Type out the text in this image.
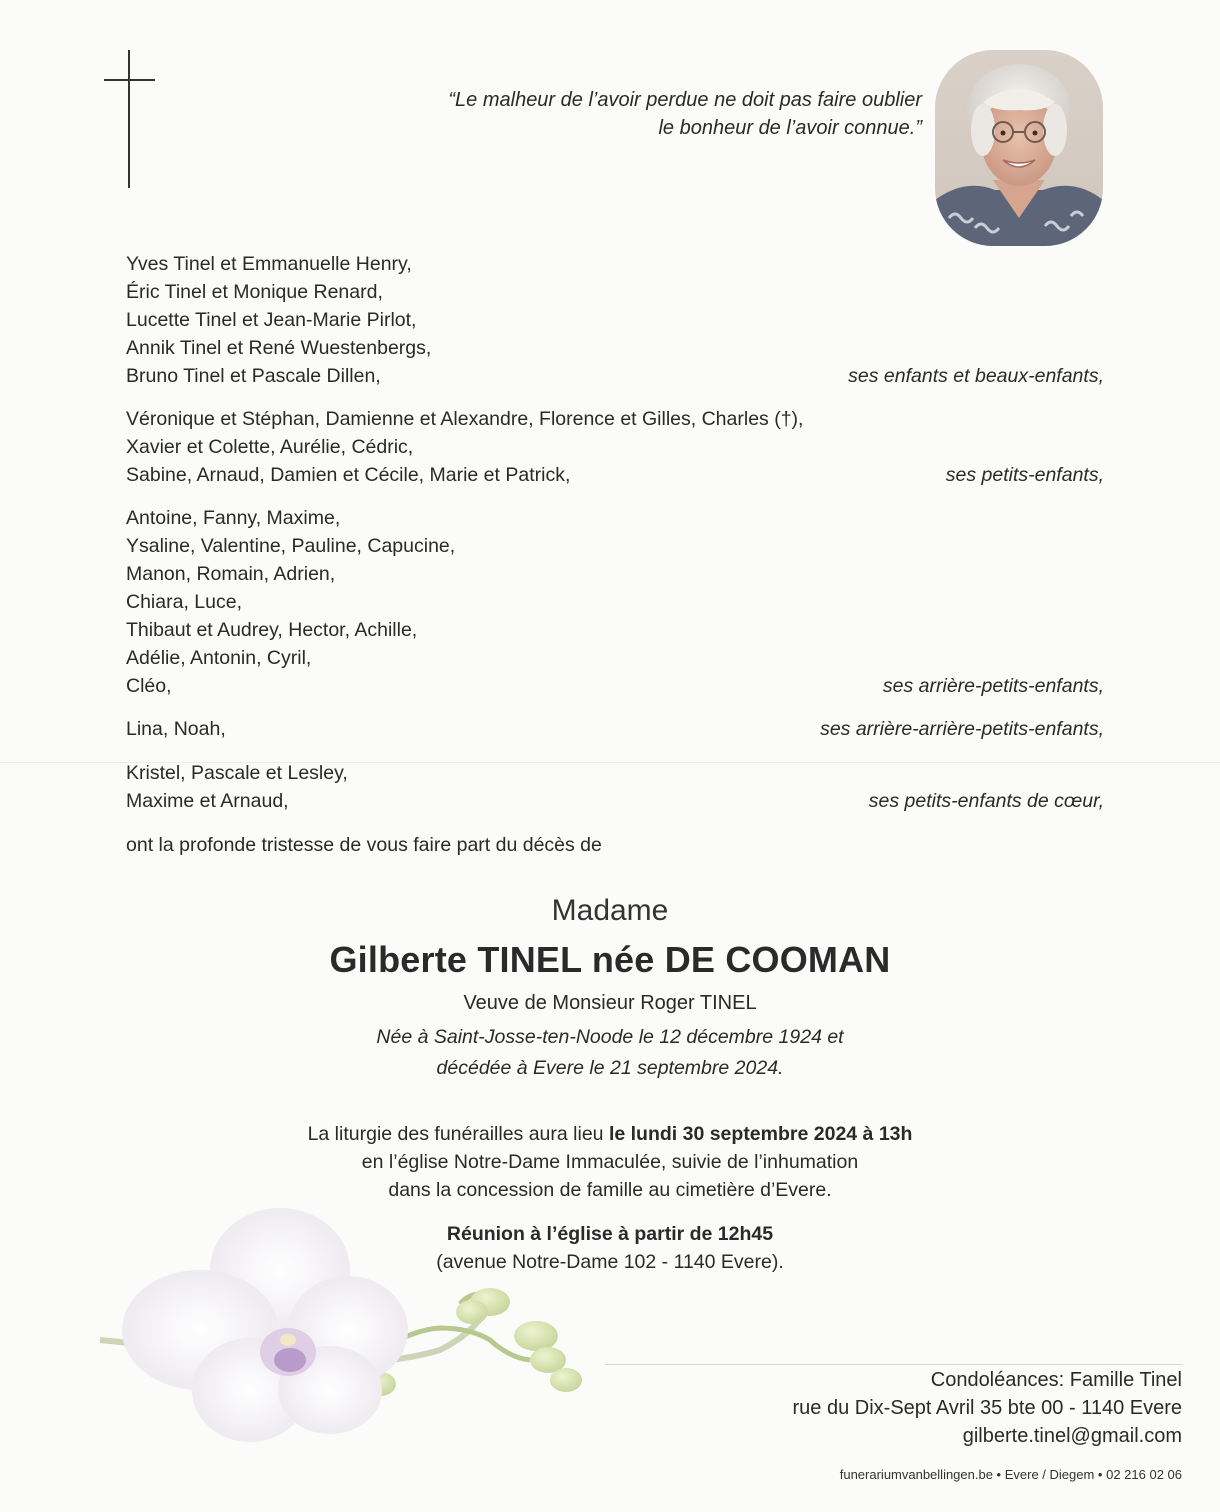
“Le malheur de l’avoir perdue ne doit pas faire oublier
le bonheur de l’avoir connue.”
Yves Tinel et Emmanuelle Henry,
Éric Tinel et Monique Renard,
Lucette Tinel et Jean-Marie Pirlot,
Annik Tinel et René Wuestenbergs,
Bruno Tinel et Pascale Dillen,	ses enfants et beaux-enfants,
Véronique et Stéphan, Damienne et Alexandre, Florence et Gilles, Charles (†),
Xavier et Colette, Aurélie, Cédric,
Sabine, Arnaud, Damien et Cécile, Marie et Patrick,	ses petits-enfants,
Antoine, Fanny, Maxime,
Ysaline, Valentine, Pauline, Capucine,
Manon, Romain, Adrien,
Chiara, Luce,
Thibaut et Audrey, Hector, Achille,
Adélie, Antonin, Cyril,
Cléo,	ses arrière-petits-enfants,
Lina, Noah,	ses arrière-arrière-petits-enfants,
Kristel, Pascale et Lesley,
Maxime et Arnaud,	ses petits-enfants de cœur,
ont la profonde tristesse de vous faire part du décès de
Madame
Gilberte TINEL née DE COOMAN
Veuve de Monsieur Roger TINEL
Née à Saint-Josse-ten-Noode le 12 décembre 1924 et
décédée à Evere le 21 septembre 2024.
La liturgie des funérailles aura lieu le lundi 30 septembre 2024 à 13h
en l’église Notre-Dame Immaculée, suivie de l’inhumation
dans la concession de famille au cimetière d’Evere.
Réunion à l’église à partir de 12h45
(avenue Notre-Dame 102 - 1140 Evere).
Condoléances: Famille Tinel
rue du Dix-Sept Avril 35 bte 00 - 1140 Evere
gilberte.tinel@gmail.com
funerariumvanbellingen.be • Evere / Diegem • 02 216 02 06
